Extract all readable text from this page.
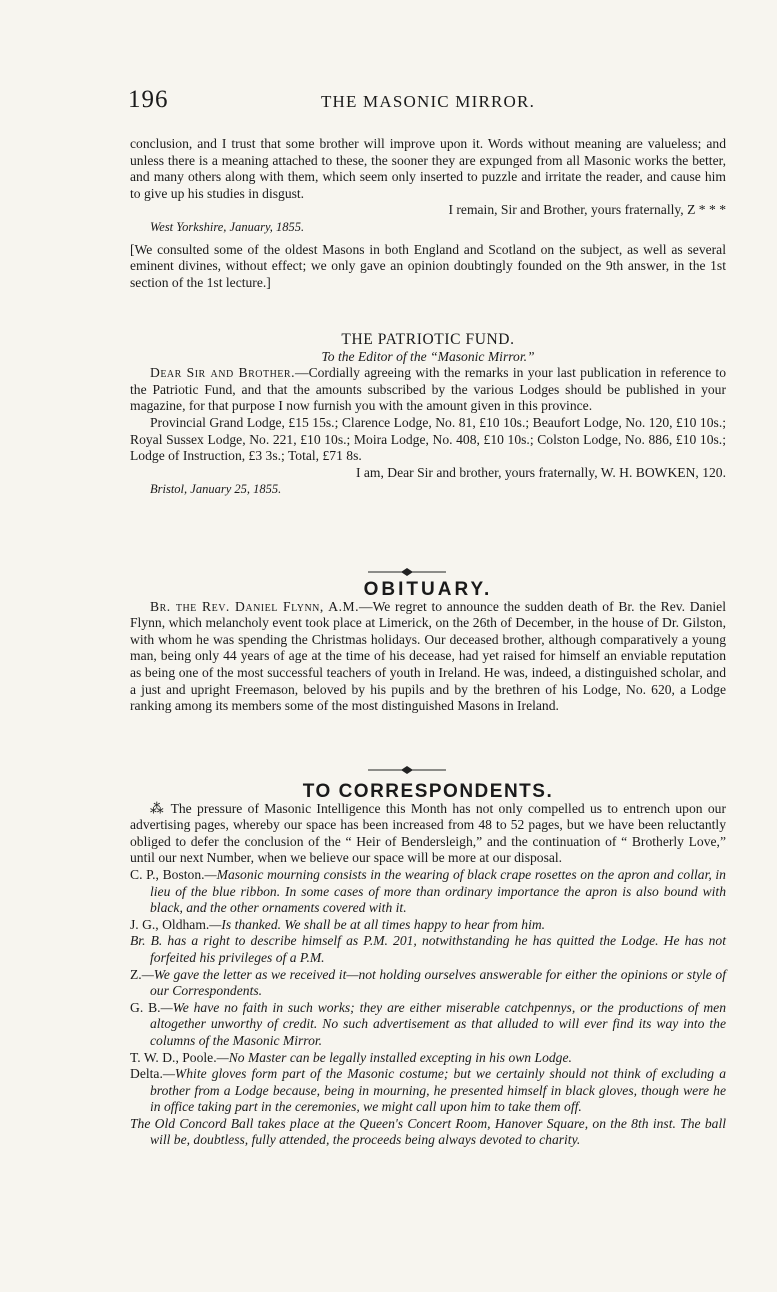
196	THE MASONIC MIRROR.

conclusion, and I trust that some brother will improve upon it. Words without meaning are valueless; and unless there is a meaning attached to these, the sooner they are expunged from all Masonic works the better, and many others along with them, which seem only inserted to puzzle and irritate the reader, and cause him to give up his studies in disgust.

I remain, Sir and Brother, yours fraternally, Z * * *

West Yorkshire, January, 1855.

[We consulted some of the oldest Masons in both England and Scotland on the subject, as well as several eminent divines, without effect; we only gave an opinion doubtingly founded on the 9th answer, in the 1st section of the 1st lecture.]

THE PATRIOTIC FUND.

To the Editor of the “Masonic Mirror.”

Dear Sir and Brother.—Cordially agreeing with the remarks in your last publication in reference to the Patriotic Fund, and that the amounts subscribed by the various Lodges should be published in your magazine, for that purpose I now furnish you with the amount given in this province.

Provincial Grand Lodge, £15 15s.; Clarence Lodge, No. 81, £10 10s.; Beaufort Lodge, No. 120, £10 10s.; Royal Sussex Lodge, No. 221, £10 10s.; Moira Lodge, No. 408, £10 10s.; Colston Lodge, No. 886, £10 10s.; Lodge of Instruction, £3 3s.; Total, £71 8s.

I am, Dear Sir and brother, yours fraternally, W. H. BOWKEN, 120.

Bristol, January 25, 1855.

OBITUARY.

Br. the Rev. Daniel Flynn, A.M.—We regret to announce the sudden death of Br. the Rev. Daniel Flynn, which melancholy event took place at Limerick, on the 26th of December, in the house of Dr. Gilston, with whom he was spending the Christmas holidays. Our deceased brother, although comparatively a young man, being only 44 years of age at the time of his decease, had yet raised for himself an enviable reputation as being one of the most successful teachers of youth in Ireland. He was, indeed, a distinguished scholar, and a just and upright Freemason, beloved by his pupils and by the brethren of his Lodge, No. 620, a Lodge ranking among its members some of the most distinguished Masons in Ireland.

TO CORRESPONDENTS.

⁂ The pressure of Masonic Intelligence this Month has not only compelled us to entrench upon our advertising pages, whereby our space has been increased from 48 to 52 pages, but we have been reluctantly obliged to defer the conclusion of the “ Heir of Bendersleigh,” and the continuation of “ Brotherly Love,” until our next Number, when we believe our space will be more at our disposal.

C. P., Boston.—Masonic mourning consists in the wearing of black crape rosettes on the apron and collar, in lieu of the blue ribbon. In some cases of more than ordinary importance the apron is also bound with black, and the other ornaments covered with it.

J. G., Oldham.—Is thanked. We shall be at all times happy to hear from him.

Br. B. has a right to describe himself as P.M. 201, notwithstanding he has quitted the Lodge. He has not forfeited his privileges of a P.M.

Z.—We gave the letter as we received it—not holding ourselves answerable for either the opinions or style of our Correspondents.

G. B.—We have no faith in such works; they are either miserable catchpennys, or the productions of men altogether unworthy of credit. No such advertisement as that alluded to will ever find its way into the columns of the Masonic Mirror.

T. W. D., Poole.—No Master can be legally installed excepting in his own Lodge.

Delta.—White gloves form part of the Masonic costume; but we certainly should not think of excluding a brother from a Lodge because, being in mourning, he presented himself in black gloves, though were he in office taking part in the ceremonies, we might call upon him to take them off.

The Old Concord Ball takes place at the Queen's Concert Room, Hanover Square, on the 8th inst. The ball will be, doubtless, fully attended, the proceeds being always devoted to charity.
